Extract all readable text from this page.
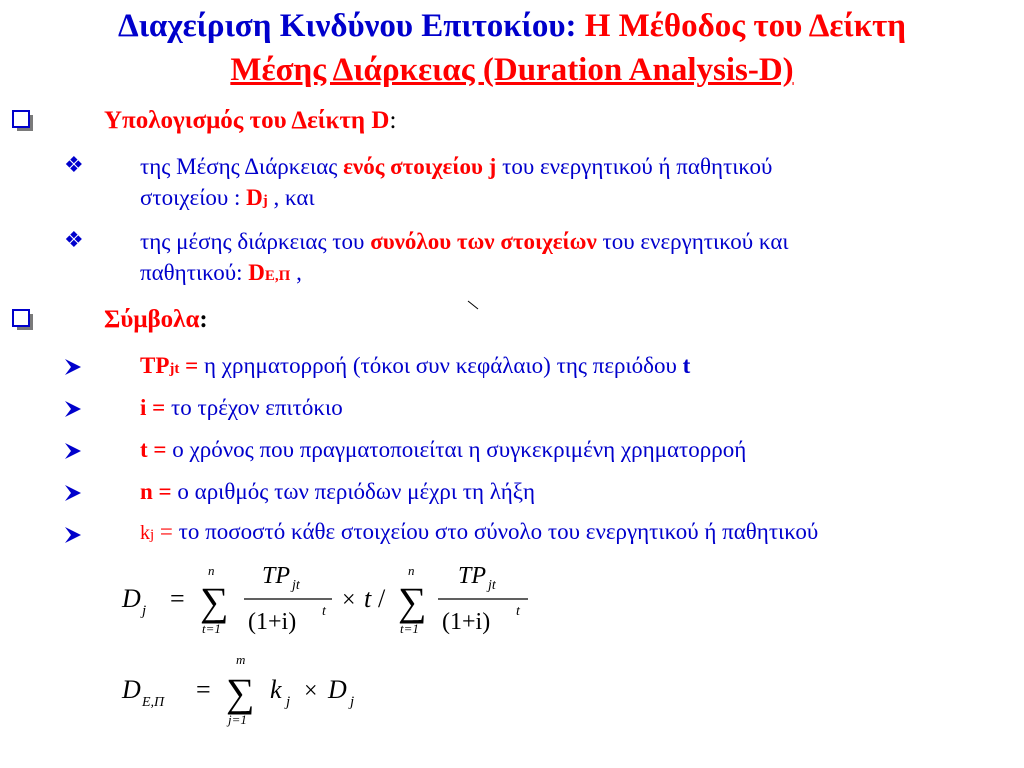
Διαχείριση Κινδύνου Επιτοκίου: Η Μέθοδος του Δείκτη
Μέσης Διάρκειας (Duration Analysis-D)
Υπολογισμός του Δείκτη D:
❖ της Μέσης Διάρκειας ενός στοιχείου j του ενεργητικού ή παθητικού
στοιχείου : Dj , και
❖ της μέσης διάρκειας του συνόλου των στοιχείων του ενεργητικού και
παθητικού: DΕ,Π ,
Σύμβολα:
TPjt = η χρηματορροή (τόκοι συν κεφάλαιο) της περιόδου t
i = το τρέχον επιτόκιο
t = ο χρόνος που πραγματοποιείται η συγκεκριμένη χρηματορροή
n = ο αριθμός των περιόδων μέχρι τη λήξη
kj = το ποσοστό κάθε στοιχείου στο σύνολο του ενεργητικού ή παθητικού
D j =
n
∑
t=1
TP jt
(1+i) t × t /
n
∑
t=1
TP jt
(1+i) t
D E,Π =
m
∑
j=1
k j × D j
